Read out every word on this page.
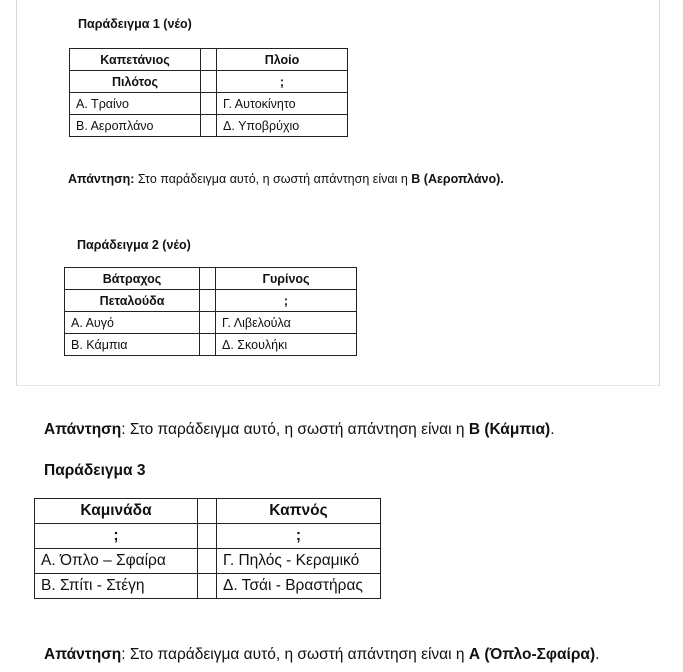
Παράδειγμα 1 (νέο)
Καπετάνιος		Πλοίο
Πιλότος		;
Α. Τραίνο		Γ. Αυτοκίνητο
Β. Αεροπλάνο		Δ. Υποβρύχιο
Απάντηση: Στο παράδειγμα αυτό, η σωστή απάντηση είναι η Β (Αεροπλάνο).
Παράδειγμα 2 (νέο)
Βάτραχος		Γυρίνος
Πεταλούδα		;
Α. Αυγό		Γ. Λιβελούλα
Β. Κάμπια		Δ. Σκουλήκι
Απάντηση: Στο παράδειγμα αυτό, η σωστή απάντηση είναι η Β (Κάμπια).
Παράδειγμα 3
Καμινάδα		Καπνός
;		;
Α. Όπλο – Σφαίρα		Γ. Πηλός - Κεραμικό
Β. Σπίτι - Στέγη		Δ. Τσάι - Βραστήρας
Απάντηση: Στο παράδειγμα αυτό, η σωστή απάντηση είναι η Α (Όπλο-Σφαίρα).
